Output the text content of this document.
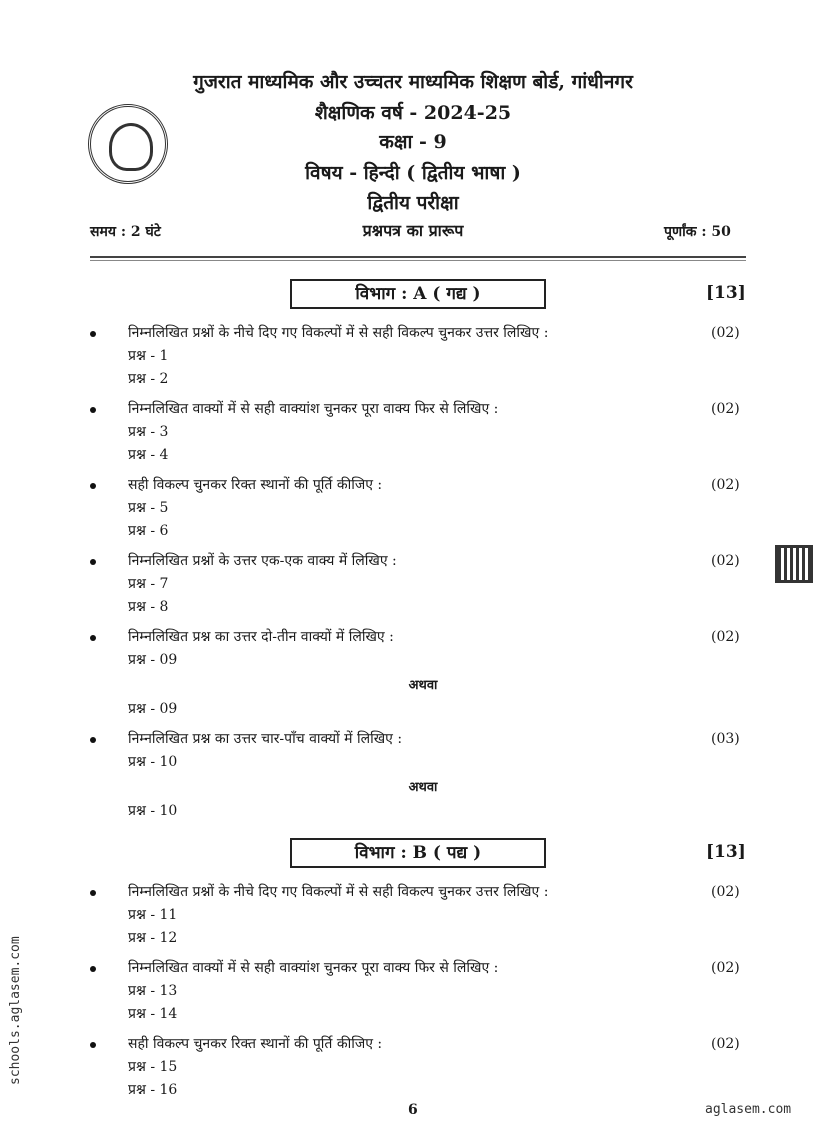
गुजरात माध्यमिक और उच्चतर माध्यमिक शिक्षण बोर्ड, गांधीनगर
शैक्षणिक वर्ष - 2024-25
कक्षा - 9
विषय - हिन्दी ( द्वितीय भाषा )
द्वितीय परीक्षा
समय : 2 घंटे	प्रश्नपत्र का प्रारूप	पूर्णांक : 50
विभाग : A ( गद्य )	[13]
निम्नलिखित प्रश्नों के नीचे दिए गए विकल्पों में से सही विकल्प चुनकर उत्तर लिखिए :	(02)
प्रश्न - 1
प्रश्न - 2
निम्नलिखित वाक्यों में से सही वाक्यांश चुनकर पूरा वाक्य फिर से लिखिए :	(02)
प्रश्न - 3
प्रश्न - 4
सही विकल्प चुनकर रिक्त स्थानों की पूर्ति कीजिए :	(02)
प्रश्न - 5
प्रश्न - 6
निम्नलिखित प्रश्नों के उत्तर एक-एक वाक्य में लिखिए :	(02)
प्रश्न - 7
प्रश्न - 8
निम्नलिखित प्रश्न का उत्तर दो-तीन वाक्यों में लिखिए :	(02)
प्रश्न - 09
अथवा
प्रश्न - 09
निम्नलिखित प्रश्न का उत्तर चार-पाँच वाक्यों में लिखिए :	(03)
प्रश्न - 10
अथवा
प्रश्न - 10
विभाग : B ( पद्य )	[13]
निम्नलिखित प्रश्नों के नीचे दिए गए विकल्पों में से सही विकल्प चुनकर उत्तर लिखिए :	(02)
प्रश्न - 11
प्रश्न - 12
निम्नलिखित वाक्यों में से सही वाक्यांश चुनकर पूरा वाक्य फिर से लिखिए :	(02)
प्रश्न - 13
प्रश्न - 14
सही विकल्प चुनकर रिक्त स्थानों की पूर्ति कीजिए :	(02)
प्रश्न - 15
प्रश्न - 16
6
schools.aglasem.com
aglasem.com
